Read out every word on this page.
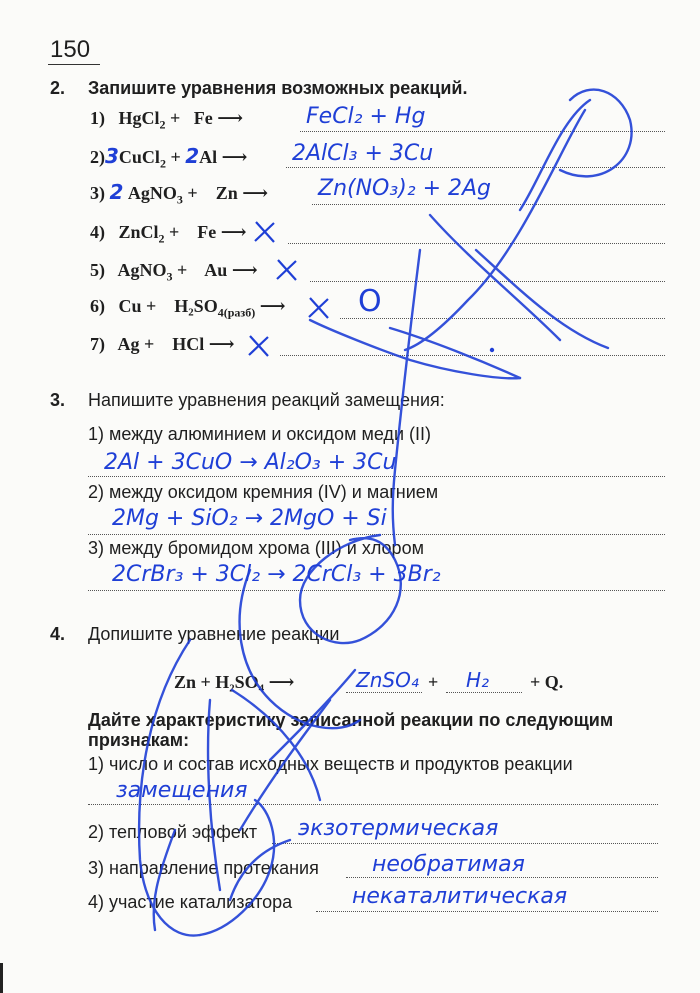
150

2. Запишите уравнения возможных реакций.
1) HgCl$_2$ + Fe ⟶	FeCl₂ + Hg
2)3CuCl$_2$ + 2Al ⟶ 2AlCl₃ + 3Cu
3) 2 AgNO$_3$ + Zn ⟶ Zn(NO₃)₂ + 2Ag
4) ZnCl$_2$ + Fe ⟶
5) AgNO$_3$ + Au ⟶
6) $Cu + H_2SO_{4(разб)}$ ⟶ O
7) Ag + HCl ⟶
3. Напишите уравнения реакций замещения:
1) между алюминием и оксидом меди (II)
2Al + 3CuO → Al₂O₃ + 3Cu
2) между оксидом кремния (IV) и магнием
2Mg + SiO₂ → 2MgO + Si
3) между бромидом хрома (III) и хлором
2CrBr₃ + 3Cl₂ → 2CrCl₃ + 3Br₂
4. Допишите уравнение реакции
Zn + H₂SO₄ ⟶	ZnSO₄ + H₂ + Q.
Дайте характеристику записанной реакции по следующим
признакам:
1) число и состав исходных веществ и продуктов реакции
замещения
2) тепловой эффект экзотермическая
3) направление протекания необратимая
4) участие катализатора	некаталитическая
